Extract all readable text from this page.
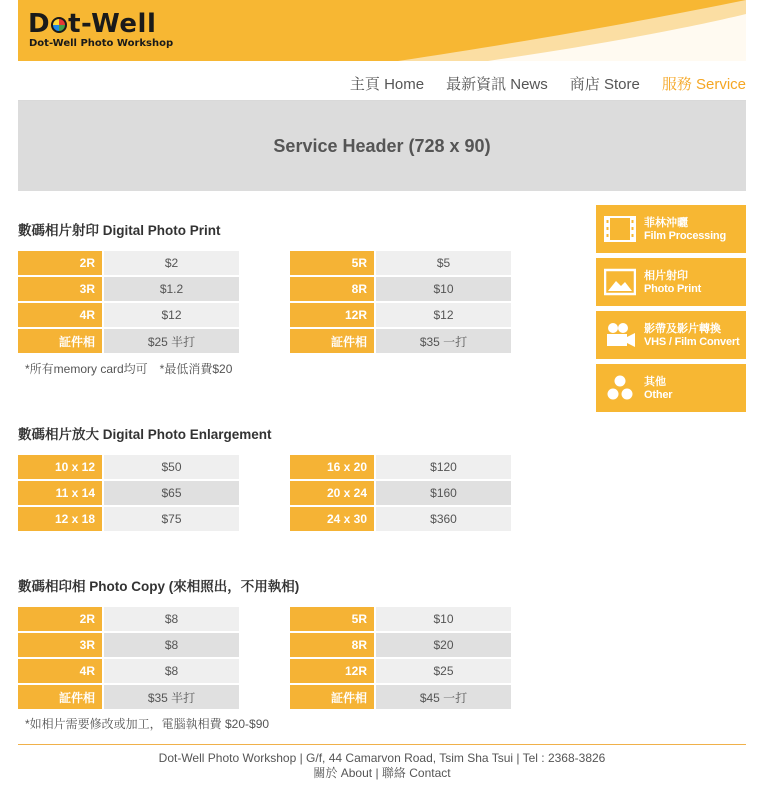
D t-Well
Dot-Well Photo Workshop
主頁 Home 最新資訊 News 商店 Store 服務 Service
Service Header (728 x 90)
數碼相片射印 Digital Photo Print
2R	$2
3R	$1.2
4R	$12
証件相	$25 半打
5R	$5
8R	$10
12R	$12
証件相	$35 一打
*所有memory card均可　*最低消費$20
數碼相片放大 Digital Photo Enlargement
10 x 12	$50
11 x 14	$65
12 x 18	$75
16 x 20	$120
20 x 24	$160
24 x 30	$360
數碼相印相 Photo Copy (來相照出，不用執相)
2R	$8
3R	$8
4R	$8
証件相	$35 半打
5R	$10
8R	$20
12R	$25
証件相	$45 一打
*如相片需要修改或加工，電腦執相費 $20-$90
菲林沖曬
Film Processing
相片射印
Photo Print
影帶及影片轉換
VHS / Film Convert
其他
Other
Dot-Well Photo Workshop | G/f, 44 Camarvon Road, Tsim Sha Tsui | Tel : 2368-3826
關於 About | 聯絡 Contact
